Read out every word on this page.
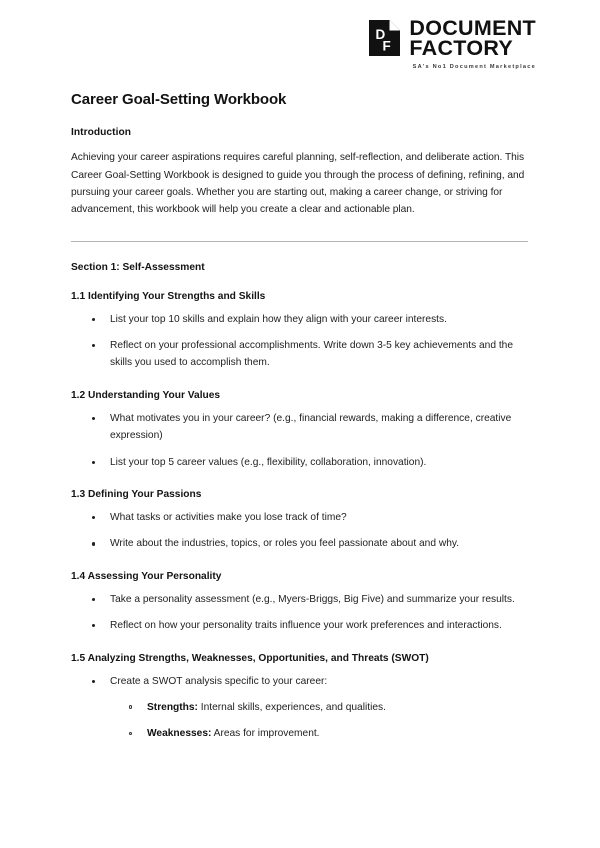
D
F
DOCUMENT
FACTORY
SA's No1 Document Marketplace
Career Goal-Setting Workbook
Introduction

Achieving your career aspirations requires careful planning, self-reflection, and deliberate action. This Career Goal-Setting Workbook is designed to guide you through the process of defining, refining, and pursuing your career goals. Whether you are starting out, making a career change, or striving for advancement, this workbook will help you create a clear and actionable plan.

Section 1: Self-Assessment
1.1 Identifying Your Strengths and Skills
List your top 10 skills and explain how they align with your career interests.
Reflect on your professional accomplishments. Write down 3-5 key achievements and the skills you used to accomplish them.
1.2 Understanding Your Values
What motivates you in your career? (e.g., financial rewards, making a difference, creative expression)
List your top 5 career values (e.g., flexibility, collaboration, innovation).
1.3 Defining Your Passions
What tasks or activities make you lose track of time?
Write about the industries, topics, or roles you feel passionate about and why.
1.4 Assessing Your Personality
Take a personality assessment (e.g., Myers-Briggs, Big Five) and summarize your results.
Reflect on how your personality traits influence your work preferences and interactions.
1.5 Analyzing Strengths, Weaknesses, Opportunities, and Threats (SWOT)
Create a SWOT analysis specific to your career:
Strengths: Internal skills, experiences, and qualities.
Weaknesses: Areas for improvement.
